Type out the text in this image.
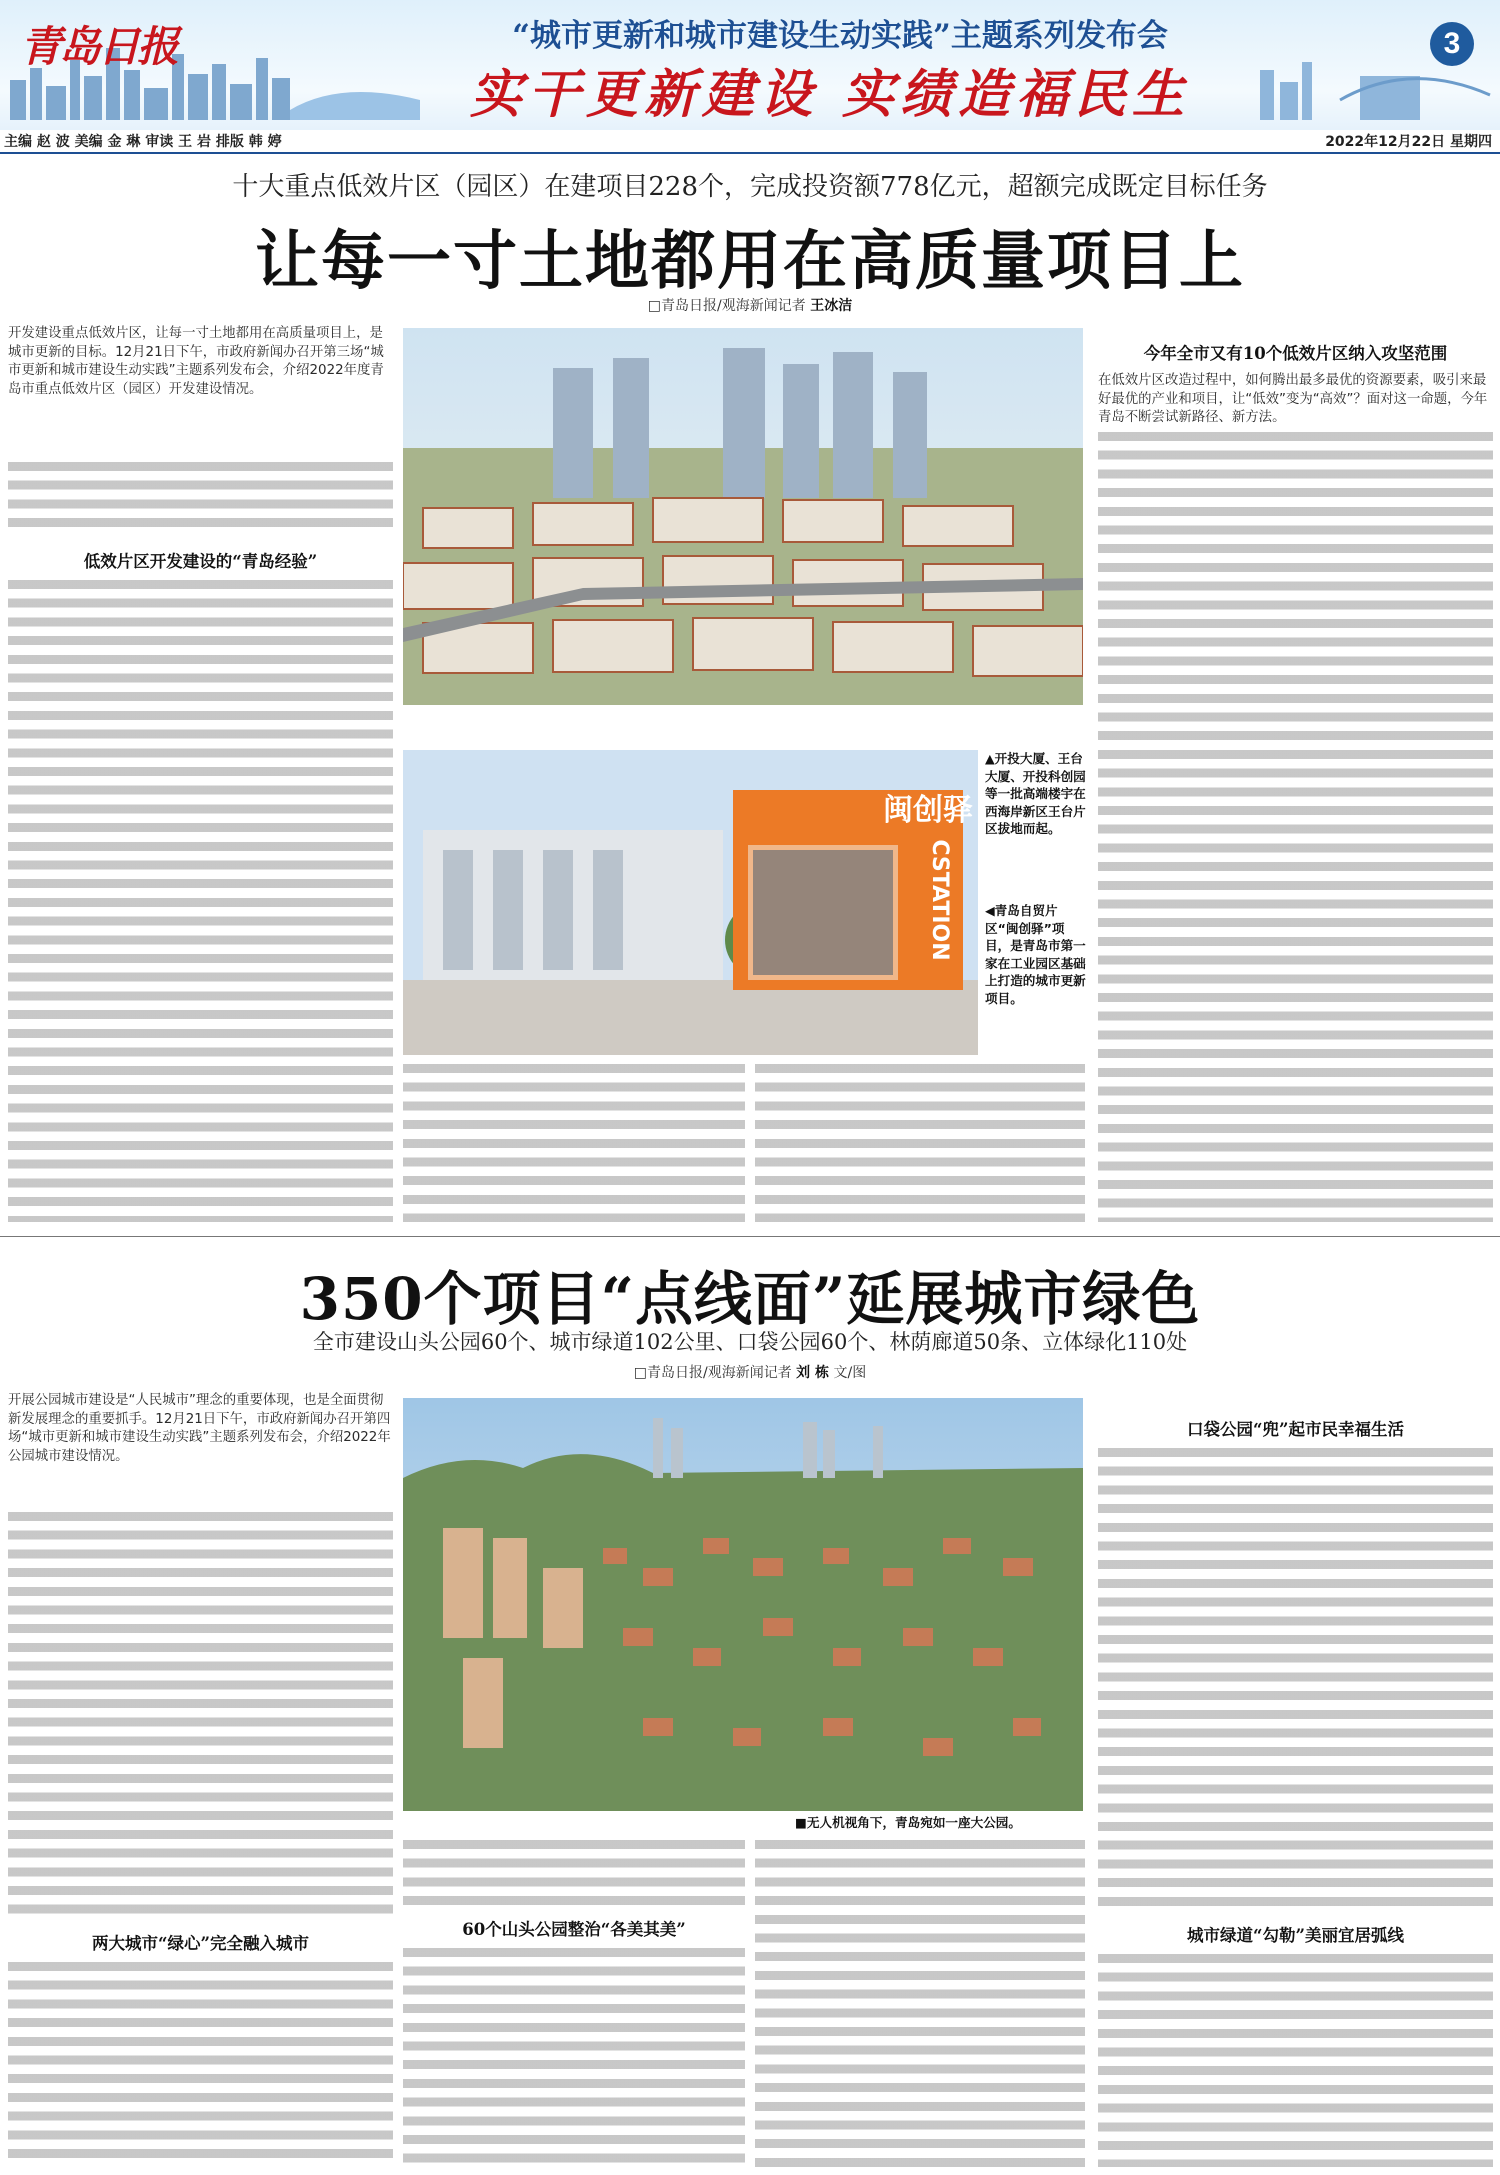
青岛日报	“城市更新和城市建设生动实践”主题系列发布会
实干更新建设 实绩造福民生
3
主编 赵 波 美编 金 琳 审读 王 岩 排版 韩 婷	2022年12月22日 星期四
十大重点低效片区（园区）在建项目228个，完成投资额778亿元，超额完成既定目标任务
让每一寸土地都用在高质量项目上
□青岛日报/观海新闻记者 王冰洁
开发建设重点低效片区，让每一寸土地都用在高质量项目上，是城市更新的目标。12月21日下午，市政府新闻办召开第三场“城市更新和城市建设生动实践”主题系列发布会，介绍2022年度青岛市重点低效片区（园区）开发建设情况。
低效片区开发建设的“青岛经验”
闽创驿
CSTATION
▲开投大厦、王台大厦、开投科创园等一批高端楼宇在西海岸新区王台片区拔地而起。
◀青岛自贸片区“闽创驿”项目，是青岛市第一家在工业园区基础上打造的城市更新项目。
今年全市又有10个低效片区纳入攻坚范围
在低效片区改造过程中，如何腾出最多最优的资源要素，吸引来最好最优的产业和项目，让“低效”变为“高效”？面对这一命题，今年青岛不断尝试新路径、新方法。
350个项目“点线面”延展城市绿色
全市建设山头公园60个、城市绿道102公里、口袋公园60个、林荫廊道50条、立体绿化110处
□青岛日报/观海新闻记者 刘 栋 文/图
开展公园城市建设是“人民城市”理念的重要体现，也是全面贯彻新发展理念的重要抓手。12月21日下午，市政府新闻办召开第四场“城市更新和城市建设生动实践”主题系列发布会，介绍2022年公园城市建设情况。
两大城市“绿心”完全融入城市
■无人机视角下，青岛宛如一座大公园。
60个山头公园整治“各美其美”
口袋公园“兜”起市民幸福生活
城市绿道“勾勒”美丽宜居弧线
